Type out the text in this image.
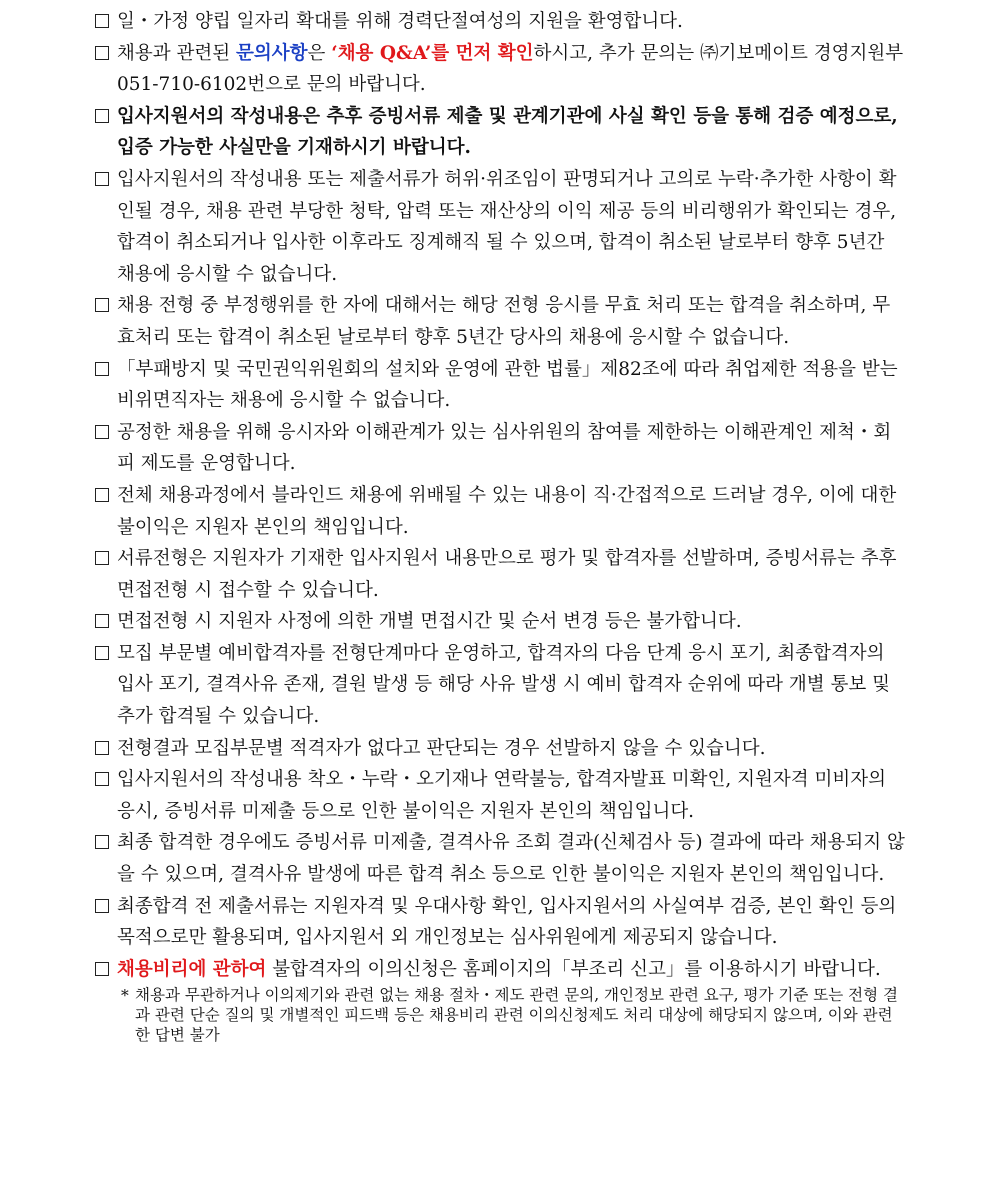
일・가정 양립 일자리 확대를 위해 경력단절여성의 지원을 환영합니다.
채용과 관련된 문의사항은 ‘채용 Q&A’를 먼저 확인하시고, 추가 문의는 ㈜기보메이트 경영지원부 051-710-6102번으로 문의 바랍니다.
입사지원서의 작성내용은 추후 증빙서류 제출 및 관계기관에 사실 확인 등을 통해 검증 예정으로, 입증 가능한 사실만을 기재하시기 바랍니다.
입사지원서의 작성내용 또는 제출서류가 허위·위조임이 판명되거나 고의로 누락·추가한 사항이 확인될 경우, 채용 관련 부당한 청탁, 압력 또는 재산상의 이익 제공 등의 비리행위가 확인되는 경우, 합격이 취소되거나 입사한 이후라도 징계해직 될 수 있으며, 합격이 취소된 날로부터 향후 5년간 채용에 응시할 수 없습니다.
채용 전형 중 부정행위를 한 자에 대해서는 해당 전형 응시를 무효 처리 또는 합격을 취소하며, 무효처리 또는 합격이 취소된 날로부터 향후 5년간 당사의 채용에 응시할 수 없습니다.
「부패방지 및 국민권익위원회의 설치와 운영에 관한 법률」제82조에 따라 취업제한 적용을 받는 비위면직자는 채용에 응시할 수 없습니다.
공정한 채용을 위해 응시자와 이해관계가 있는 심사위원의 참여를 제한하는 이해관계인 제척・회피 제도를 운영합니다.
전체 채용과정에서 블라인드 채용에 위배될 수 있는 내용이 직·간접적으로 드러날 경우, 이에 대한 불이익은 지원자 본인의 책임입니다.
서류전형은 지원자가 기재한 입사지원서 내용만으로 평가 및 합격자를 선발하며, 증빙서류는 추후 면접전형 시 접수할 수 있습니다.
면접전형 시 지원자 사정에 의한 개별 면접시간 및 순서 변경 등은 불가합니다.
모집 부문별 예비합격자를 전형단계마다 운영하고, 합격자의 다음 단계 응시 포기, 최종합격자의 입사 포기, 결격사유 존재, 결원 발생 등 해당 사유 발생 시 예비 합격자 순위에 따라 개별 통보 및 추가 합격될 수 있습니다.
전형결과 모집부문별 적격자가 없다고 판단되는 경우 선발하지 않을 수 있습니다.
입사지원서의 작성내용 착오・누락・오기재나 연락불능, 합격자발표 미확인, 지원자격 미비자의 응시, 증빙서류 미제출 등으로 인한 불이익은 지원자 본인의 책임입니다.
최종 합격한 경우에도 증빙서류 미제출, 결격사유 조회 결과(신체검사 등) 결과에 따라 채용되지 않을 수 있으며, 결격사유 발생에 따른 합격 취소 등으로 인한 불이익은 지원자 본인의 책임입니다.
최종합격 전 제출서류는 지원자격 및 우대사항 확인, 입사지원서의 사실여부 검증, 본인 확인 등의 목적으로만 활용되며, 입사지원서 외 개인정보는 심사위원에게 제공되지 않습니다.
채용비리에 관하여 불합격자의 이의신청은 홈페이지의「부조리 신고」를 이용하시기 바랍니다.
* 채용과 무관하거나 이의제기와 관련 없는 채용 절차・제도 관련 문의, 개인정보 관련 요구, 평가 기준 또는 전형 결과 관련 단순 질의 및 개별적인 피드백 등은 채용비리 관련 이의신청제도 처리 대상에 해당되지 않으며, 이와 관련한 답변 불가
